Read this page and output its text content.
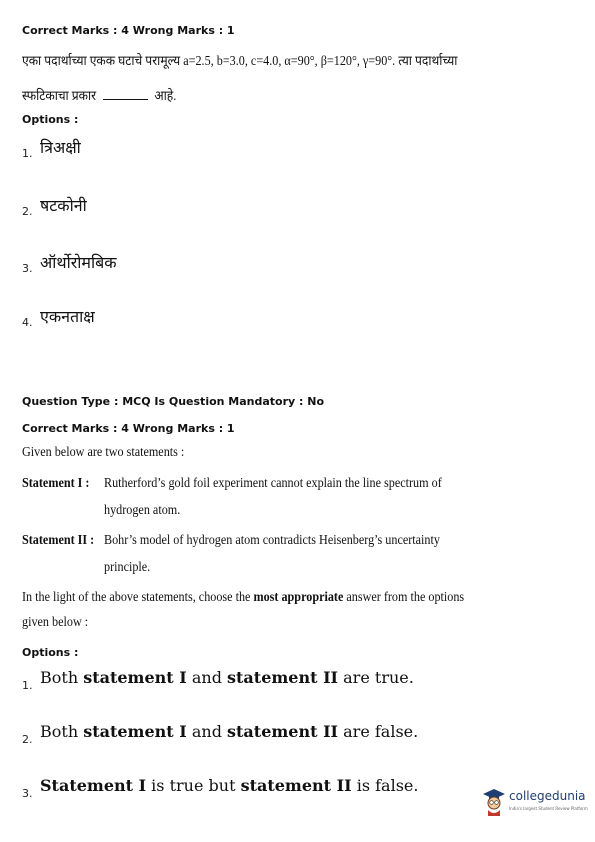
Correct Marks : 4 Wrong Marks : 1
एका पदार्थाच्या एकक घटाचे परामूल्य a=2.5, b=3.0, c=4.0, α=90°, β=120°, γ=90°. त्या पदार्थाच्या
स्फटिकाचा प्रकार	आहे.
Options :
1. त्रिअक्षी
2. षटकोनी
3. ऑर्थोरोमबिक
4. एकनताक्ष
Question Type : MCQ Is Question Mandatory : No
Correct Marks : 4 Wrong Marks : 1
Given below are two statements :
Statement I : Rutherford’s gold foil experiment cannot explain the line spectrum of
hydrogen atom.
Statement II : Bohr’s model of hydrogen atom contradicts Heisenberg’s uncertainty
principle.
In the light of the above statements, choose the most appropriate answer from the options
given below :
Options :
1. Both statement I and statement II are true.
2. Both statement I and statement II are false.
3. Statement I is true but statement II is false.
collegedunia
India's largest Student Review Platform
